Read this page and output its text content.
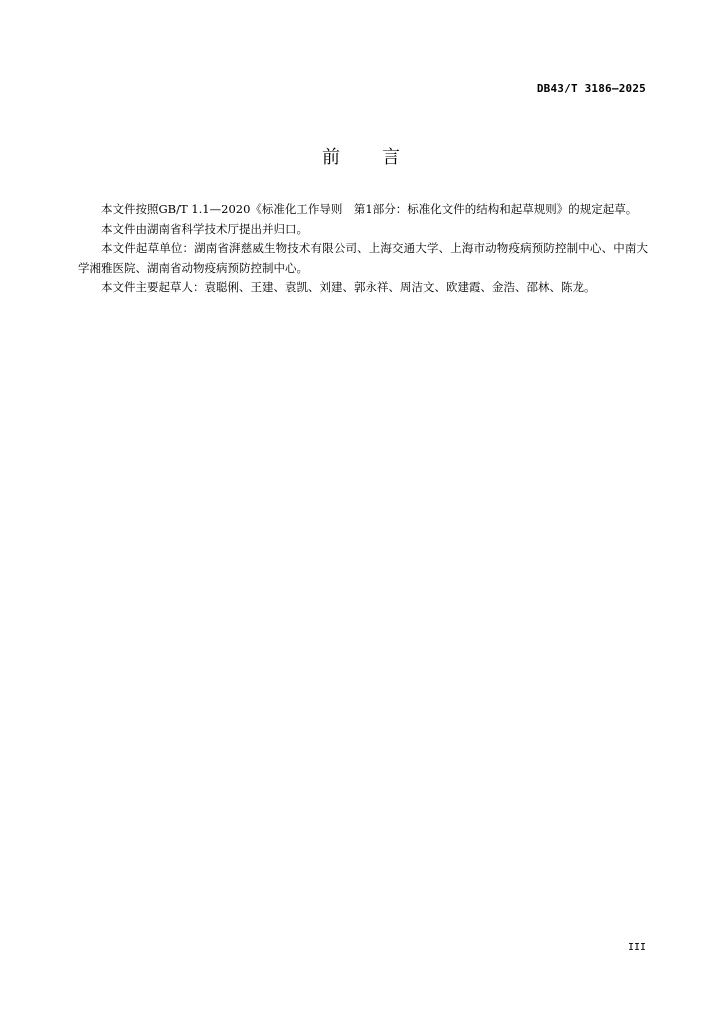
DB43/T 3186—2025
前　　言

本文件按照GB/T 1.1—2020《标准化工作导则　第1部分：标准化文件的结构和起草规则》的规定起草。

本文件由湖南省科学技术厅提出并归口。

本文件起草单位：湖南省湃慈威生物技术有限公司、上海交通大学、上海市动物疫病预防控制中心、中南大学湘雅医院、湖南省动物疫病预防控制中心。

本文件主要起草人：袁聪俐、王建、袁凯、刘建、郭永祥、周洁文、欧建霞、金浩、邵林、陈龙。

III
